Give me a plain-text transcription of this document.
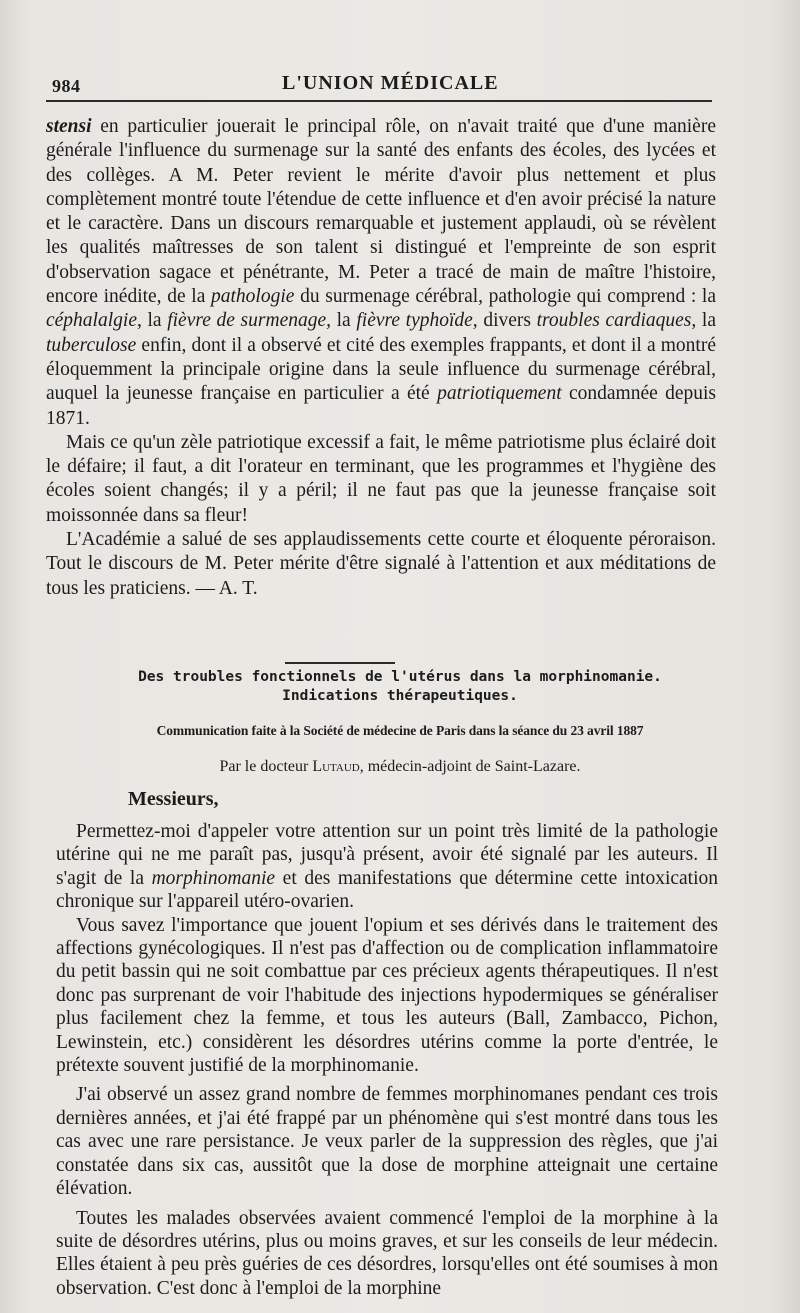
984	L'UNION MÉDICALE

stensi en particulier jouerait le principal rôle, on n'avait traité que d'une manière générale l'influence du surmenage sur la santé des enfants des écoles, des lycées et des collèges. A M. Peter revient le mérite d'avoir plus nettement et plus complètement montré toute l'étendue de cette influence et d'en avoir précisé la nature et le caractère. Dans un discours remarquable et justement applaudi, où se révèlent les qualités maîtresses de son talent si distingué et l'empreinte de son esprit d'observation sagace et pénétrante, M. Peter a tracé de main de maître l'histoire, encore inédite, de la pathologie du surmenage cérébral, pathologie qui comprend : la céphalalgie, la fièvre de surmenage, la fièvre typhoïde, divers troubles cardiaques, la tuberculose enfin, dont il a observé et cité des exemples frappants, et dont il a montré éloquemment la principale origine dans la seule influence du surmenage cérébral, auquel la jeunesse française en particulier a été patriotiquement condamnée depuis 1871.

Mais ce qu'un zèle patriotique excessif a fait, le même patriotisme plus éclairé doit le défaire; il faut, a dit l'orateur en terminant, que les programmes et l'hygiène des écoles soient changés; il y a péril; il ne faut pas que la jeunesse française soit moissonnée dans sa fleur!

L'Académie a salué de ses applaudissements cette courte et éloquente péroraison. Tout le discours de M. Peter mérite d'être signalé à l'attention et aux méditations de tous les praticiens. — A. T.

Des troubles fonctionnels de l'utérus dans la morphinomanie.
Indications thérapeutiques.
Communication faite à la Société de médecine de Paris dans la séance du 23 avril 1887
Par le docteur Lutaud, médecin-adjoint de Saint-Lazare.
Messieurs,

Permettez-moi d'appeler votre attention sur un point très limité de la pathologie utérine qui ne me paraît pas, jusqu'à présent, avoir été signalé par les auteurs. Il s'agit de la morphinomanie et des manifestations que détermine cette intoxication chronique sur l'appareil utéro-ovarien.

Vous savez l'importance que jouent l'opium et ses dérivés dans le traitement des affections gynécologiques. Il n'est pas d'affection ou de complication inflammatoire du petit bassin qui ne soit combattue par ces précieux agents thérapeutiques. Il n'est donc pas surprenant de voir l'habitude des injections hypodermiques se généraliser plus facilement chez la femme, et tous les auteurs (Ball, Zambacco, Pichon, Lewinstein, etc.) considèrent les désordres utérins comme la porte d'entrée, le prétexte souvent justifié de la morphinomanie.

J'ai observé un assez grand nombre de femmes morphinomanes pendant ces trois dernières années, et j'ai été frappé par un phénomène qui s'est montré dans tous les cas avec une rare persistance. Je veux parler de la suppression des règles, que j'ai constatée dans six cas, aussitôt que la dose de morphine atteignait une certaine élévation.

Toutes les malades observées avaient commencé l'emploi de la morphine à la suite de désordres utérins, plus ou moins graves, et sur les conseils de leur médecin. Elles étaient à peu près guéries de ces désordres, lorsqu'elles ont été soumises à mon observation. C'est donc à l'emploi de la morphine
